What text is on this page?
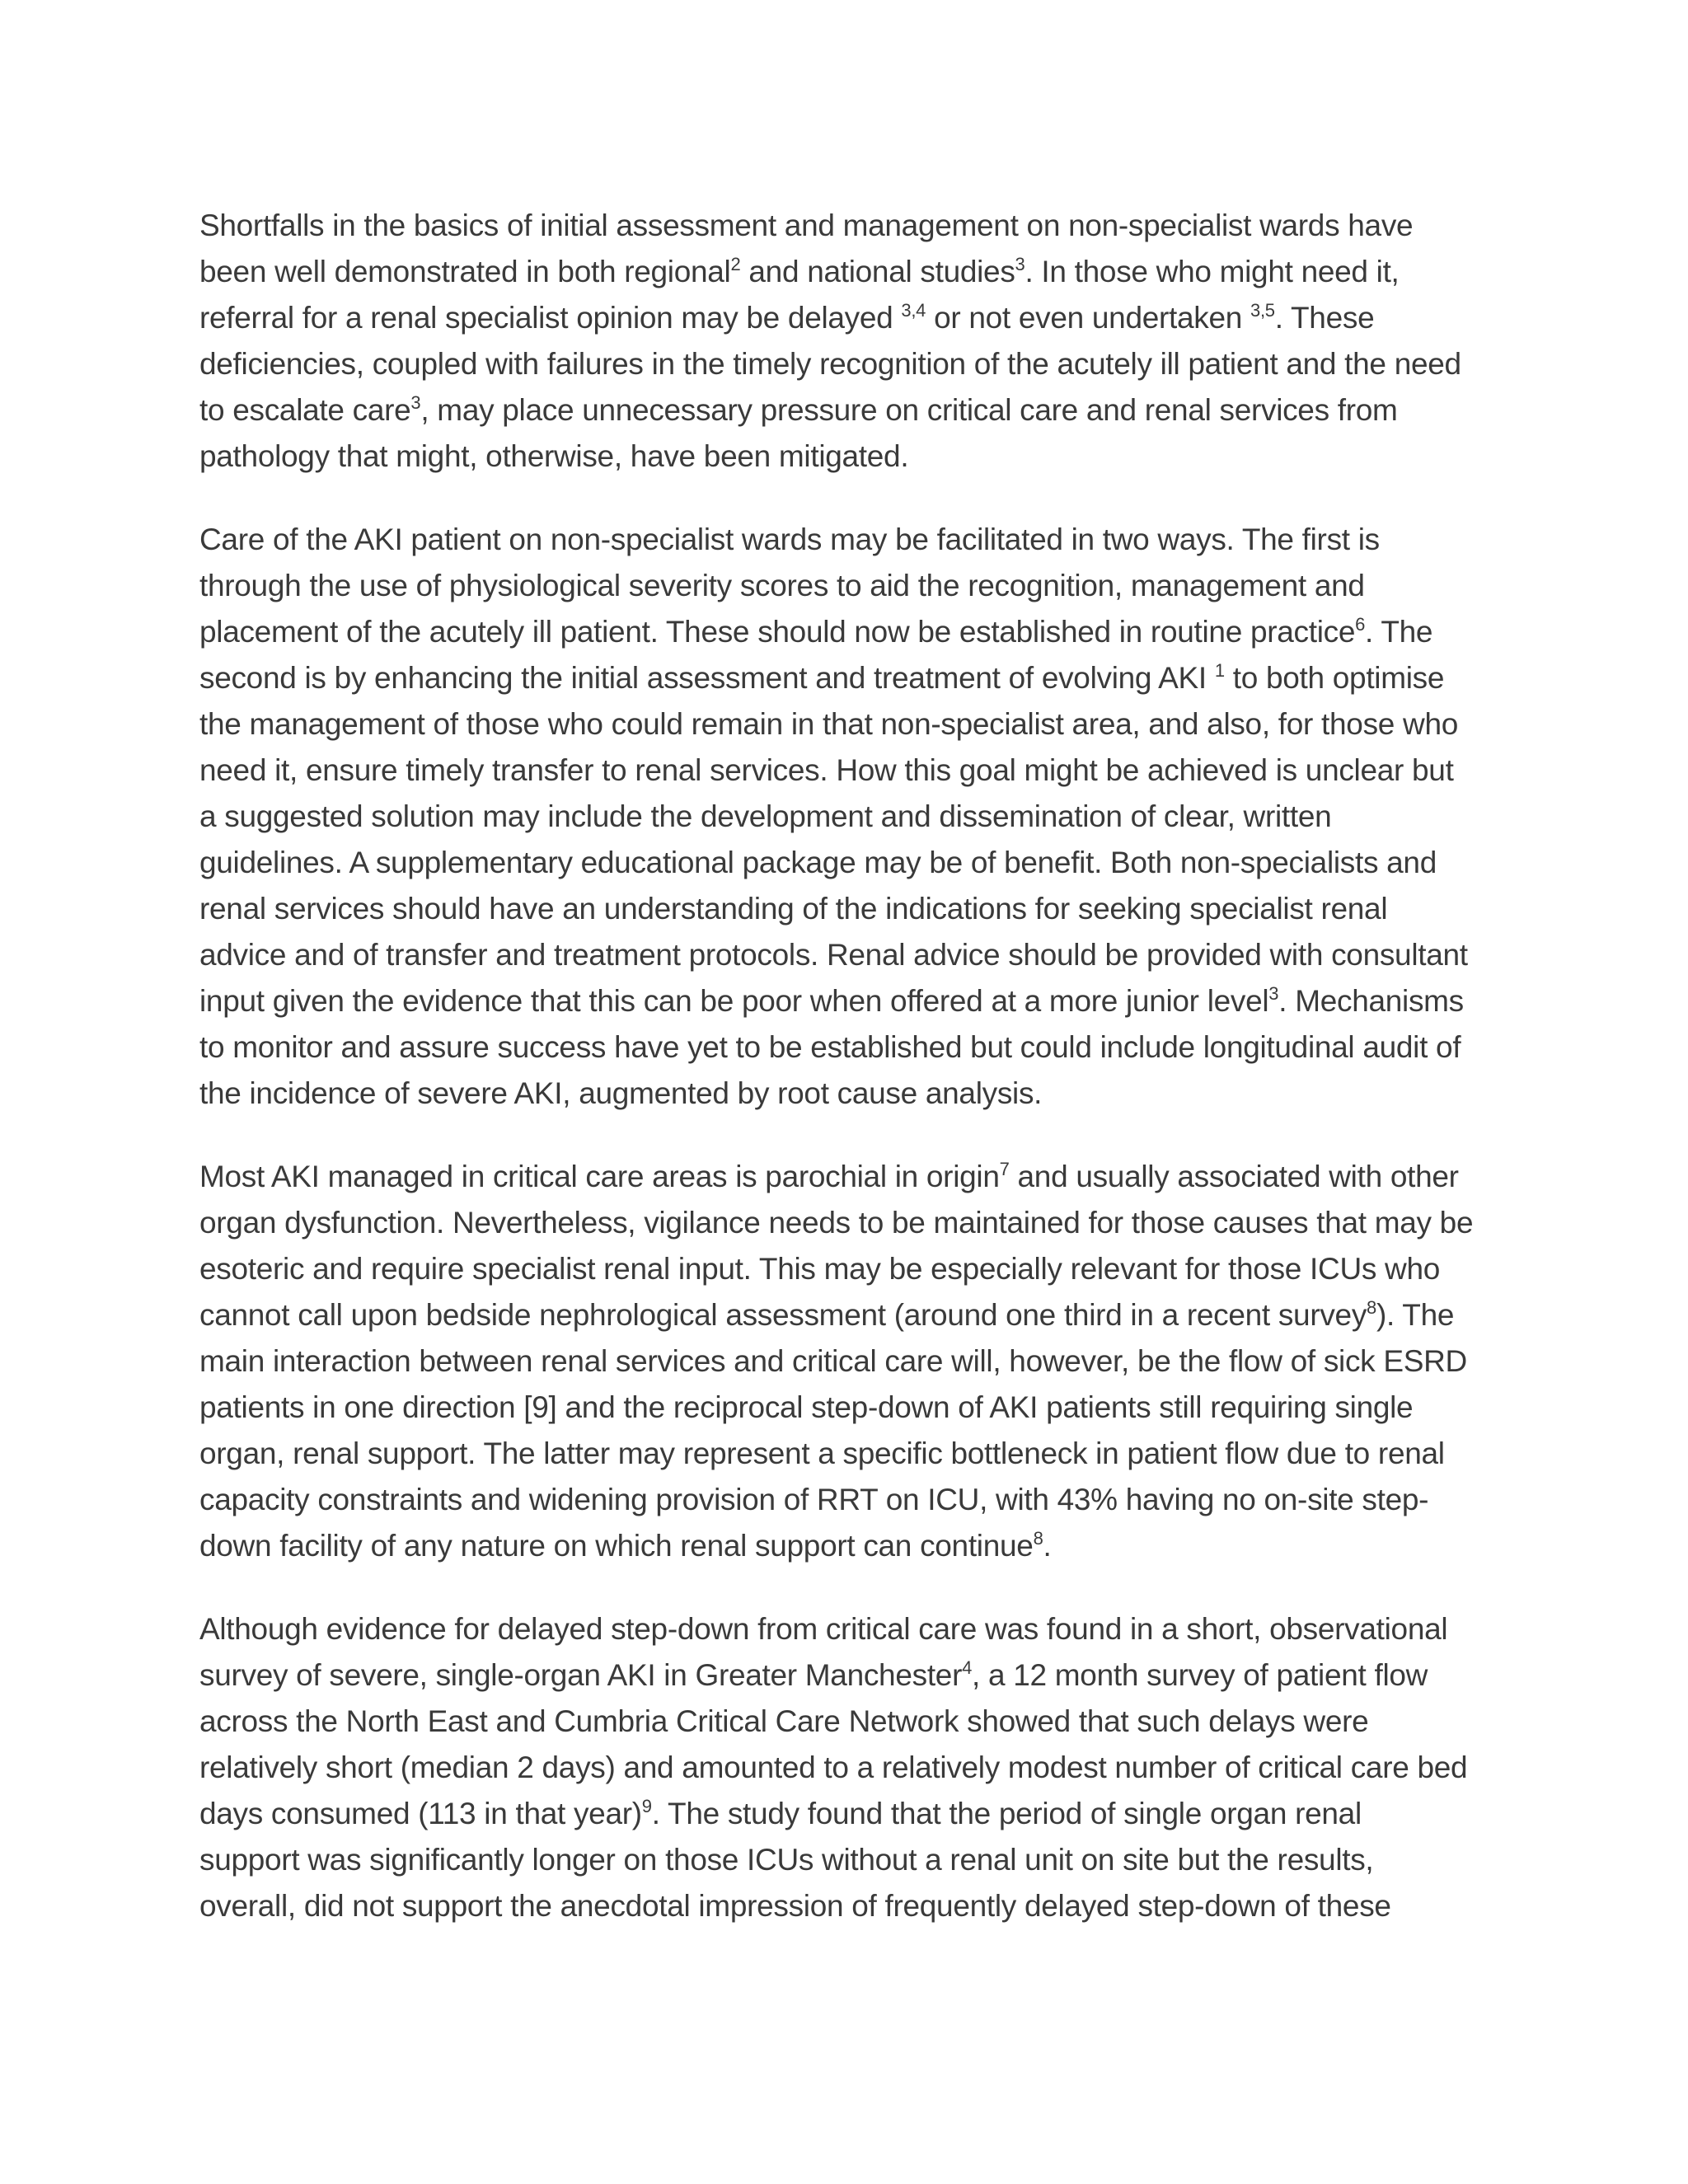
Shortfalls in the basics of initial assessment and management on non-specialist wards have
been well demonstrated in both regional$^2$ and national studies$^3$. In those who might need it,
referral for a renal specialist opinion may be delayed $^{3,4}$ or not even undertaken $^{3,5}$. These
deficiencies, coupled with failures in the timely recognition of the acutely ill patient and the need
to escalate care$^3$, may place unnecessary pressure on critical care and renal services from
pathology that might, otherwise, have been mitigated.
Care of the AKI patient on non-specialist wards may be facilitated in two ways. The first is
through the use of physiological severity scores to aid the recognition, management and
placement of the acutely ill patient. These should now be established in routine practice$^6$. The
second is by enhancing the initial assessment and treatment of evolving AKI $^1$ to both optimise
the management of those who could remain in that non-specialist area, and also, for those who
need it, ensure timely transfer to renal services. How this goal might be achieved is unclear but
a suggested solution may include the development and dissemination of clear, written
guidelines. A supplementary educational package may be of benefit. Both non-specialists and
renal services should have an understanding of the indications for seeking specialist renal
advice and of transfer and treatment protocols. Renal advice should be provided with consultant
input given the evidence that this can be poor when offered at a more junior level$^3$. Mechanisms
to monitor and assure success have yet to be established but could include longitudinal audit of
the incidence of severe AKI, augmented by root cause analysis.
Most AKI managed in critical care areas is parochial in origin$^7$ and usually associated with other
organ dysfunction. Nevertheless, vigilance needs to be maintained for those causes that may be
esoteric and require specialist renal input. This may be especially relevant for those ICUs who
cannot call upon bedside nephrological assessment (around one third in a recent survey$^8$). The
main interaction between renal services and critical care will, however, be the flow of sick ESRD
patients in one direction [9] and the reciprocal step-down of AKI patients still requiring single
organ, renal support. The latter may represent a specific bottleneck in patient flow due to renal
capacity constraints and widening provision of RRT on ICU, with 43% having no on-site step-
down facility of any nature on which renal support can continue$^8$.
Although evidence for delayed step-down from critical care was found in a short, observational
survey of severe, single-organ AKI in Greater Manchester$^4$, a 12 month survey of patient flow
across the North East and Cumbria Critical Care Network showed that such delays were
relatively short (median 2 days) and amounted to a relatively modest number of critical care bed
days consumed (113 in that year)$^9$. The study found that the period of single organ renal
support was significantly longer on those ICUs without a renal unit on site but the results,
overall, did not support the anecdotal impression of frequently delayed step-down of these
